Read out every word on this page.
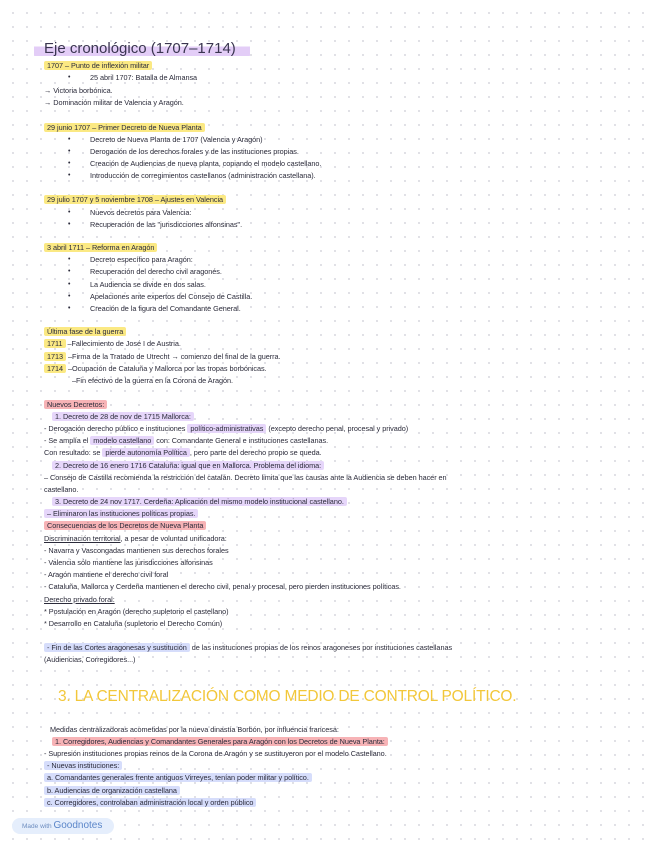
Eje cronológico (1707–1714)
1707 – Punto de inflexión militar
•	25 abril 1707: Batalla de Almansa
→ Victoria borbónica.
→ Dominación militar de Valencia y Aragón.
29 junio 1707 – Primer Decreto de Nueva Planta
•	Decreto de Nueva Planta de 1707 (Valencia y Aragón)
•	Derogación de los derechos forales y de las instituciones propias.
•	Creación de Audiencias de nueva planta, copiando el modelo castellano.
•	Introducción de corregimientos castellanos (administración castellana).
29 julio 1707 y 5 noviembre 1708 – Ajustes en Valencia
•	Nuevos decretos para Valencia:
•	Recuperación de las "jurisdicciones alfonsinas".
3 abril 1711 – Reforma en Aragón
•	Decreto específico para Aragón:
•	Recuperación del derecho civil aragonés.
•	La Audiencia se divide en dos salas.
•	Apelaciones ante expertos del Consejo de Castilla.
•	Creación de la figura del Comandante General.
Última fase de la guerra
1711 –Fallecimiento de José I de Austria.
1713 –Firma de la Tratado de Utrecht → comienzo del final de la guerra.
1714 –Ocupación de Cataluña y Mallorca por las tropas borbónicas.
–Fin efectivo de la guerra en la Corona de Aragón.
Nuevos Decretos:
1. Decreto de 28 de nov de 1715 Mallorca:
- Derogación derecho público e instituciones político-administrativas (excepto derecho penal, procesal y privado)
- Se amplía el modelo castellano con: Comandante General e instituciones castellanas.
Con resultado: se pierde autonomía Política , pero parte del derecho propio se queda.
2. Decreto de 16 enero 1716 Cataluña: igual que en Mallorca. Problema del idioma:
– Consejo de Castilla recomienda la restricción del catalán. Decreto limita que las causas ante la Audiencia se deben hacer en
castellano.
3. Decreto de 24 nov 1717. Cerdeña: Aplicación del mismo modelo institucional castellano.
– Eliminaron las instituciones políticas propias.
Consecuencias de los Decretos de Nueva Planta
Discriminación territorial, a pesar de voluntad unificadora:
- Navarra y Vascongadas mantienen sus derechos forales
- Valencia sólo mantiene las jurisdicciones alfonsinas
- Aragón mantiene el derecho civil foral
- Cataluña, Mallorca y Cerdeña mantienen el derecho civil, penal y procesal, pero pierden instituciones políticas.
Derecho privado foral:
* Postulación en Aragón (derecho supletorio el castellano)
* Desarrollo en Cataluña (supletorio el Derecho Común)
- Fin de las Cortes aragonesas y sustitución de las instituciones propias de los reinos aragoneses por instituciones castellanas
(Audiencias, Corregidores...)
3. LA CENTRALIZACIÓN COMO MEDIO DE CONTROL POLÍTICO.
Medidas centralizadoras acometidas por la nueva dinastía Borbón, por influencia francesa:
1. Corregidores, Audiencias y Comandantes Generales para Aragón con los Decretos de Nueva Planta:
- Supresión instituciones propias reinos de la Corona de Aragón y se sustituyeron por el modelo Castellano.
- Nuevas instituciones:
a. Comandantes generales frente antiguos Virreyes, tenían poder militar y político.
b. Audiencias de organización castellana
c. Corregidores, controlaban administración local y orden público
Made with Goodnotes
